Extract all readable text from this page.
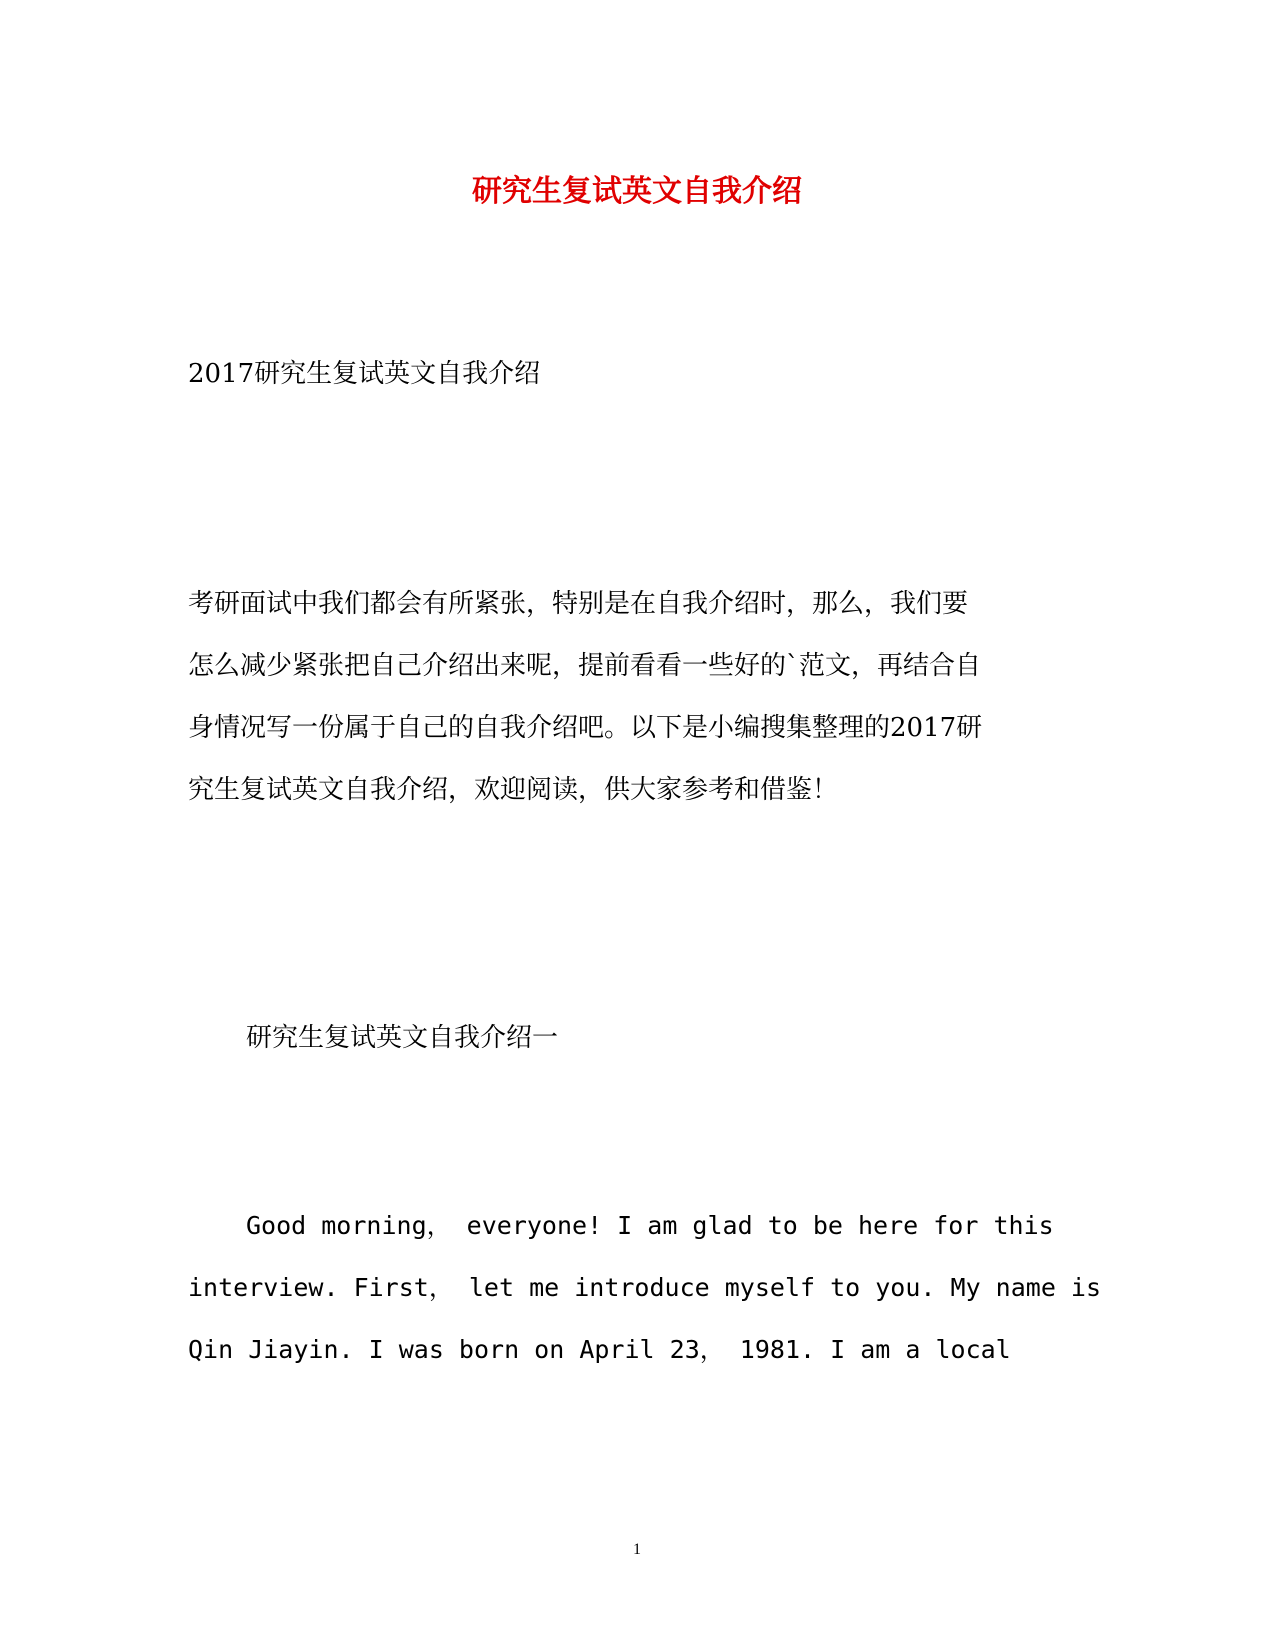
研究生复试英文自我介绍
2017研究生复试英文自我介绍
考研面试中我们都会有所紧张，特别是在自我介绍时，那么，我们要
怎么减少紧张把自己介绍出来呢，提前看看一些好的`范文，再结合自
身情况写一份属于自己的自我介绍吧。以下是小编搜集整理的2017研
究生复试英文自我介绍，欢迎阅读，供大家参考和借鉴！
研究生复试英文自我介绍一
Good morning， everyone! I am glad to be here for this
interview. First， let me introduce myself to you. My name is
Qin Jiayin. I was born on April 23， 1981. I am a local
1
